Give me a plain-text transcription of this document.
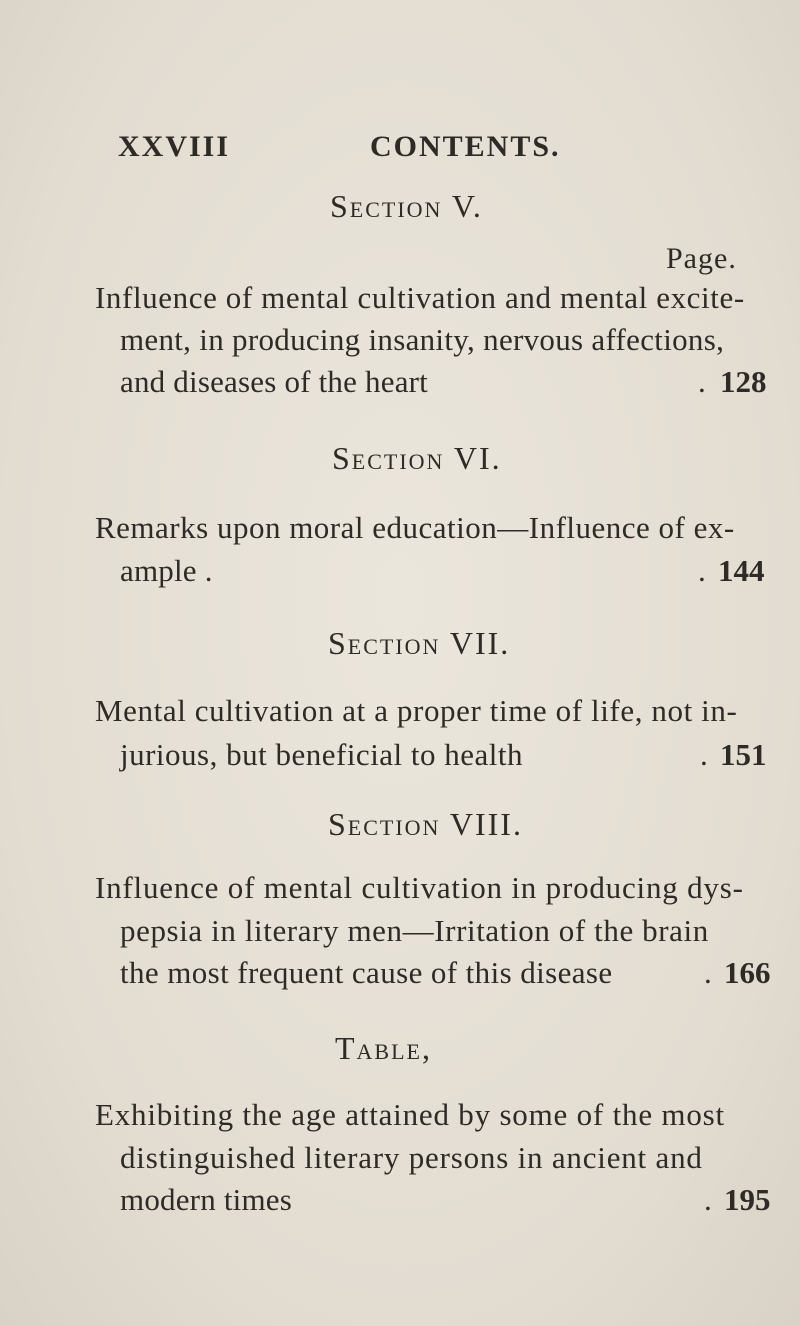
XXVIII	CONTENTS.
Section V.
Page.
Influence of mental cultivation and mental excite-
ment, in producing insanity, nervous affections,
and diseases of the heart	. 128
Section VI.
Remarks upon moral education—Influence of ex-
ample .	. 144
Section VII.
Mental cultivation at a proper time of life, not in-
jurious, but beneficial to health	. 151
Section VIII.
Influence of mental cultivation in producing dys-
pepsia in literary men—Irritation of the brain
the most frequent cause of this disease	. 166
Table,
Exhibiting the age attained by some of the most
distinguished literary persons in ancient and
modern times	. 195
